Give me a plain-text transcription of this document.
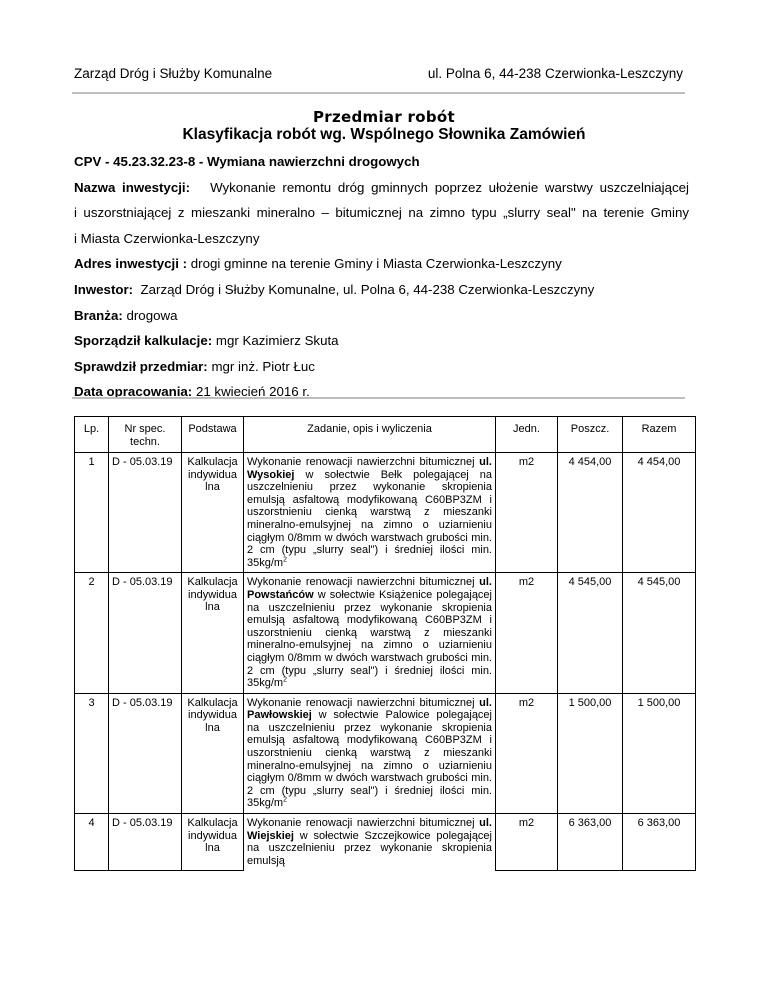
Zarząd Dróg i Służby Komunalne	ul. Polna 6, 44-238 Czerwionka-Leszczyny
Przedmiar robót
Klasyfikacja robót wg. Wspólnego Słownika Zamówień

CPV - 45.23.32.23-8 - Wymiana nawierzchni drogowych

Nazwa inwestycji: Wykonanie remontu dróg gminnych poprzez ułożenie warstwy uszczelniającej

i uszorstniającej z mieszanki mineralno – bitumicznej na zimno typu „slurry seal" na terenie Gminy

i Miasta Czerwionka-Leszczyny

Adres inwestycji : drogi gminne na terenie Gminy i Miasta Czerwionka-Leszczyny

Inwestor: Zarząd Dróg i Służby Komunalne, ul. Polna 6, 44-238 Czerwionka-Leszczyny

Branża: drogowa

Sporządził kalkulacje: mgr Kazimierz Skuta

Sprawdził przedmiar: mgr inż. Piotr Łuc

Data opracowania: 21 kwiecień 2016 r.

Lp.	Nr spec. techn.	Podstawa	Zadanie, opis i wyliczenia	Jedn.	Poszcz.	Razem
1	D - 05.03.19	Kalkulacja indywidua lna	Wykonanie renowacji nawierzchni bitumicznej ul. Wysokiej w sołectwie Bełk polegającej na uszczelnieniu przez wykonanie skropienia emulsją asfaltową modyfikowaną C60BP3ZM i uszorstnieniu cienką warstwą z mieszanki mineralno-emulsyjnej na zimno o uziarnieniu ciągłym 0/8mm w dwóch warstwach grubości min. 2 cm (typu „slurry seal") i średniej ilości min. $35kg/m^2$	m2	4 454,00	4 454,00
2	D - 05.03.19	Kalkulacja indywidua lna	Wykonanie renowacji nawierzchni bitumicznej ul. Powstańców w sołectwie Książenice polegającej na uszczelnieniu przez wykonanie skropienia emulsją asfaltową modyfikowaną C60BP3ZM i uszorstnieniu cienką warstwą z mieszanki mineralno-emulsyjnej na zimno o uziarnieniu ciągłym 0/8mm w dwóch warstwach grubości min. 2 cm (typu „slurry seal") i średniej ilości min. $35kg/m^2$	m2	4 545,00	4 545,00
3	D - 05.03.19	Kalkulacja indywidua lna	Wykonanie renowacji nawierzchni bitumicznej ul. Pawłowskiej w sołectwie Palowice polegającej na uszczelnieniu przez wykonanie skropienia emulsją asfaltową modyfikowaną C60BP3ZM i uszorstnieniu cienką warstwą z mieszanki mineralno-emulsyjnej na zimno o uziarnieniu ciągłym 0/8mm w dwóch warstwach grubości min. 2 cm (typu „slurry seal") i średniej ilości min. $35kg/m^2$	m2	1 500,00	1 500,00
4	D - 05.03.19	Kalkulacja indywidua lna	Wykonanie renowacji nawierzchni bitumicznej ul. Wiejskiej w sołectwie Szczejkowice polegającej na uszczelnieniu przez wykonanie skropienia emulsją	m2	6 363,00	6 363,00
